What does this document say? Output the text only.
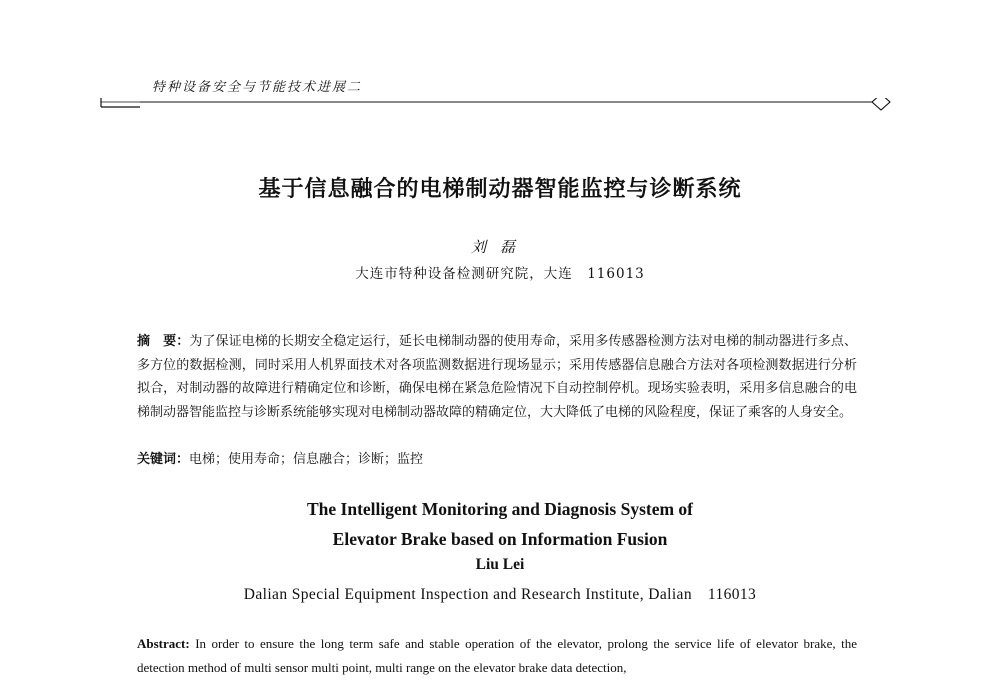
特种设备安全与节能技术进展二
基于信息融合的电梯制动器智能监控与诊断系统
刘磊
大连市特种设备检测研究院，大连　116013
摘　要：为了保证电梯的长期安全稳定运行，延长电梯制动器的使用寿命，采用多传感器检测方法对电梯的制动器进行多点、多方位的数据检测，同时采用人机界面技术对各项监测数据进行现场显示；采用传感器信息融合方法对各项检测数据进行分析拟合，对制动器的故障进行精确定位和诊断，确保电梯在紧急危险情况下自动控制停机。现场实验表明，采用多信息融合的电梯制动器智能监控与诊断系统能够实现对电梯制动器故障的精确定位，大大降低了电梯的风险程度，保证了乘客的人身安全。
关键词：电梯；使用寿命；信息融合；诊断；监控
The Intelligent Monitoring and Diagnosis System of
Elevator Brake based on Information Fusion
Liu Lei
Dalian Special Equipment Inspection and Research Institute, Dalian　116013
Abstract: In order to ensure the long term safe and stable operation of the elevator, prolong the service life of elevator brake, the detection method of multi sensor multi point, multi range on the elevator brake data detection,
